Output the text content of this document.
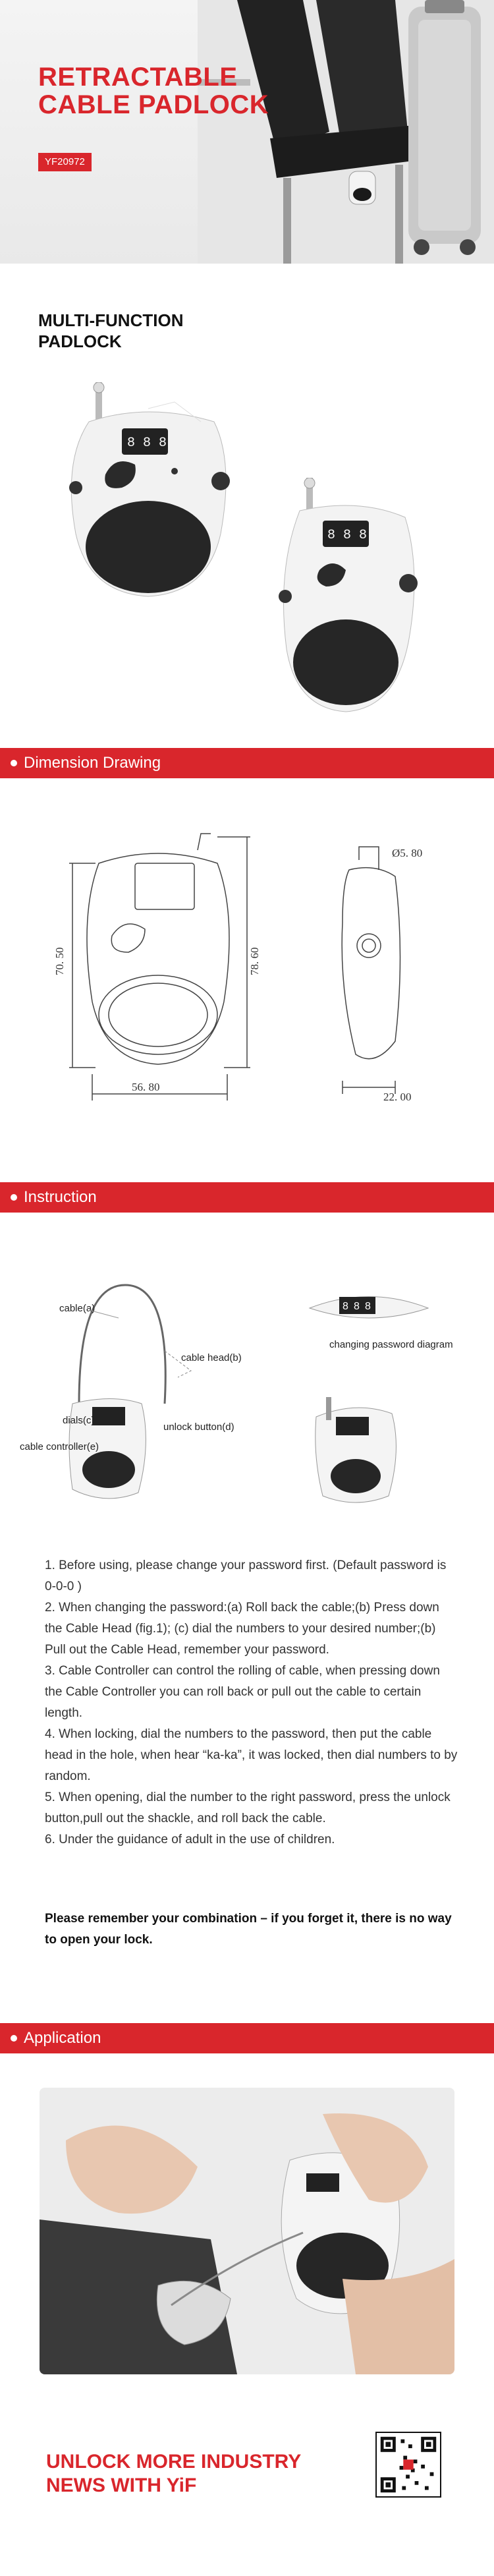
RETRACTABLE CABLE PADLOCK
YF20972
MULTI-FUNCTION PADLOCK
8 8 8
8 8 8
Dimension Drawing
70. 50	78. 60
56. 80
Ø5. 80
22. 00
Instruction
cable(a)
cable head(b)
dials(c)
unlock button(d)
cable controller(e)
8 8 8
changing password diagram

1. Before using, please change your password first. (Default password is 0-0-0 )

2. When changing the password:(a) Roll back the cable;(b) Press down the Cable Head (fig.1); (c) dial the numbers to your desired number;(b) Pull out the Cable Head, remember your password.

3. Cable Controller can control the rolling of cable, when pressing down the Cable Controller you can roll back or pull out the cable to certain length.

4. When locking, dial the numbers to the password, then put the cable head in the hole, when hear “ka-ka”, it was locked, then dial numbers to by random.

5. When opening, dial the number to the right password, press the unlock button,pull out the shackle, and roll back the cable.

6. Under the guidance of adult in the use of children.

Please remember your combination – if you forget it, there is no way to open your lock.
Application
UNLOCK MORE INDUSTRY NEWS WITH YiF
